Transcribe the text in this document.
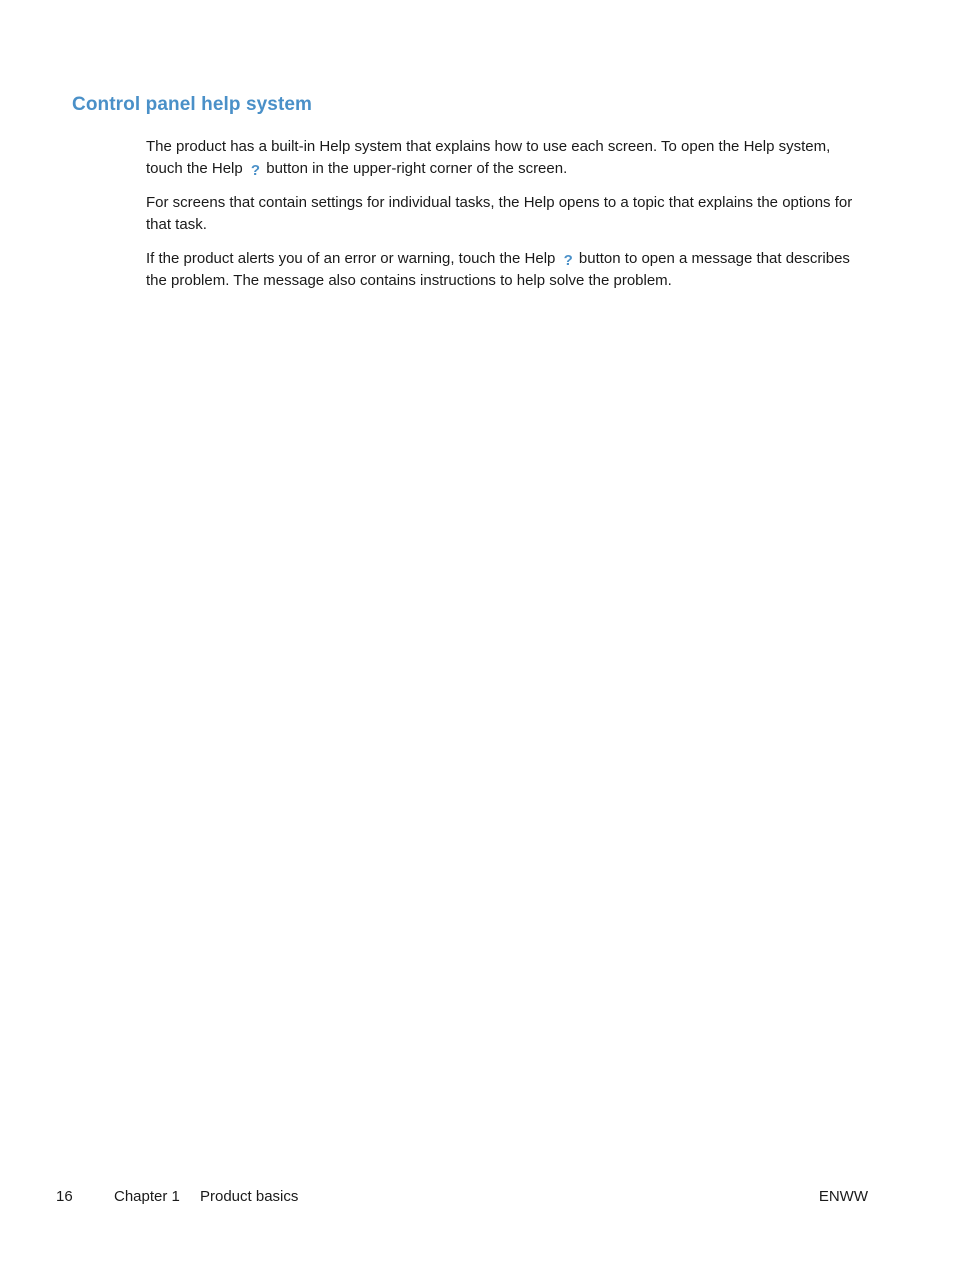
Control panel help system

The product has a built-in Help system that explains how to use each screen. To open the Help system, touch the Help ? button in the upper-right corner of the screen.

For screens that contain settings for individual tasks, the Help opens to a topic that explains the options for that task.

If the product alerts you of an error or warning, touch the Help ? button to open a message that describes the problem. The message also contains instructions to help solve the problem.

16	Chapter 1 Product basics	ENWW
